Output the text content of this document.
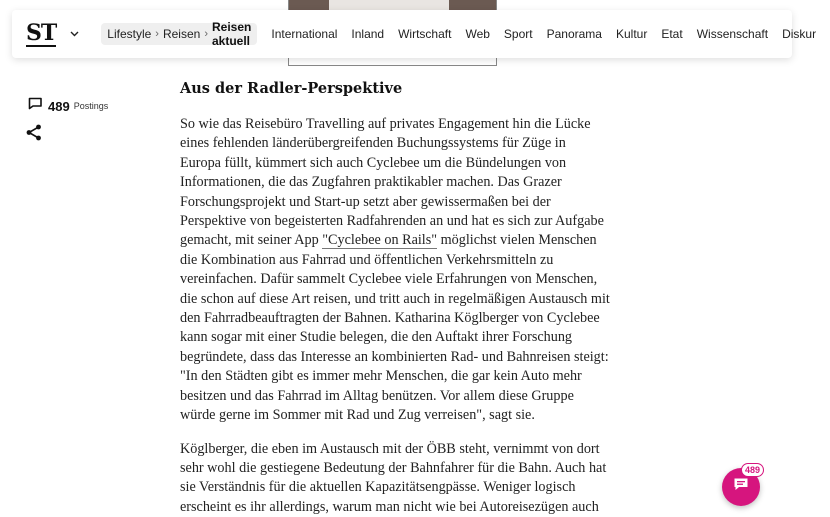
ST	Lifestyle › Reisen › Reisen aktuell International Inland Wirtschaft Web Sport Panorama Kultur Etat Wissenschaft Diskur
489 Postings
Aus der Radler-Perspektive

So wie das Reisebüro Travelling auf privates Engagement hin die Lücke eines fehlenden länderübergreifenden Buchungssystems für Züge in Europa füllt, kümmert sich auch Cyclebee um die Bündelungen von Informationen, die das Zugfahren praktikabler machen. Das Grazer Forschungsprojekt und Start-up setzt aber gewissermaßen bei der Perspektive von begeisterten Radfahrenden an und hat es sich zur Aufgabe gemacht, mit seiner App "Cyclebee on Rails" möglichst vielen Menschen die Kombination aus Fahrrad und öffentlichen Verkehrsmitteln zu vereinfachen. Dafür sammelt Cyclebee viele Erfahrungen von Menschen, die schon auf diese Art reisen, und tritt auch in regelmäßigen Austausch mit den Fahrradbeauftragten der Bahnen. Katharina Köglberger von Cyclebee kann sogar mit einer Studie belegen, die den Auftakt ihrer Forschung begründete, dass das Interesse an kombinierten Rad- und Bahnreisen steigt: "In den Städten gibt es immer mehr Menschen, die gar kein Auto mehr besitzen und das Fahrrad im Alltag benützen. Vor allem diese Gruppe würde gerne im Sommer mit Rad und Zug verreisen", sagt sie.

Köglberger, die eben im Austausch mit der ÖBB steht, vernimmt von dort sehr wohl die gestiegene Bedeutung der Bahnfahrer für die Bahn. Auch hat sie Verständnis für die aktuellen Kapazitätsengpässe. Weniger logisch erscheint es ihr allerdings, warum man nicht wie bei Autoreisezügen auch

489
